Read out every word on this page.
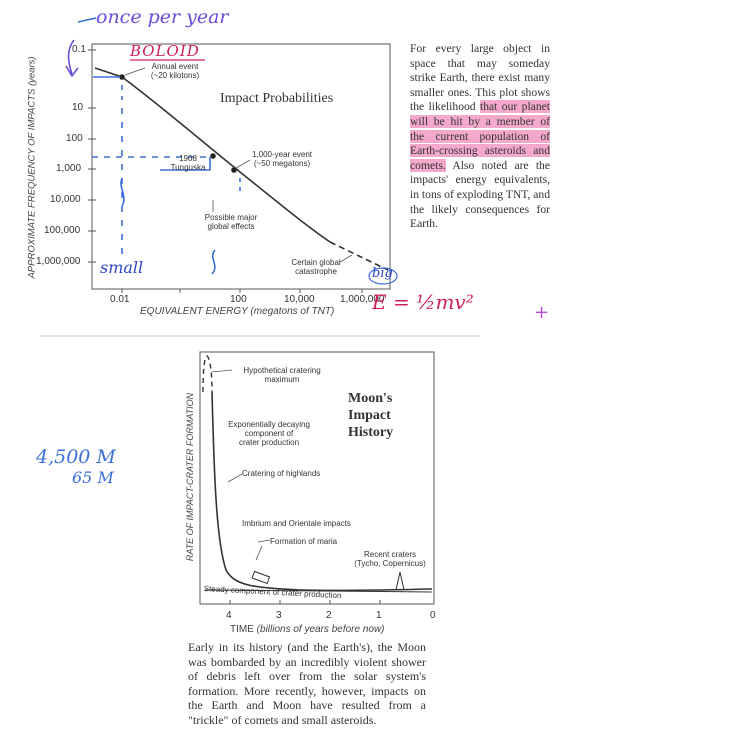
APPROXIMATE FREQUENCY OF IMPACTS (years)
0.1
10
100
1,000
10,000
100,000
1,000,000
0.01	100	10,000	1,000,000
EQUIVALENT ENERGY (megatons of TNT)
Impact Probabilities
Annual event
(~20 kilotons)
1908
Tunguska
1,000-year event
(~50 megatons)
Possible major
global effects
Certain global
catastrophe
once per year
BOLOID
small	big
E = ½mv²	+
For every large object in space that may someday strike Earth, there exist many smaller ones. This plot shows the likelihood that our planet will be hit by a member of the current population of Earth-crossing asteroids and comets. Also noted are the impacts' energy equivalents, in tons of exploding TNT, and the likely consequences for Earth.
RATE OF IMPACT-CRATER FORMATION	Moon's
Impact
History
Hypothetical cratering
maximum
Exponentially decaying
component of
crater production
Cratering of highlands
Imbrium and Orientale impacts
Formation of maria
Recent craters
(Tycho, Copernicus)
Steady component of crater production
4	3	2	1	0
TIME (billions of years before now)
4,500 M
65 M
Early in its history (and the Earth's), the Moon was bombarded by an incredibly violent shower of debris left over from the solar system's formation. More recently, however, impacts on the Earth and Moon have resulted from a "trickle" of comets and small asteroids.
